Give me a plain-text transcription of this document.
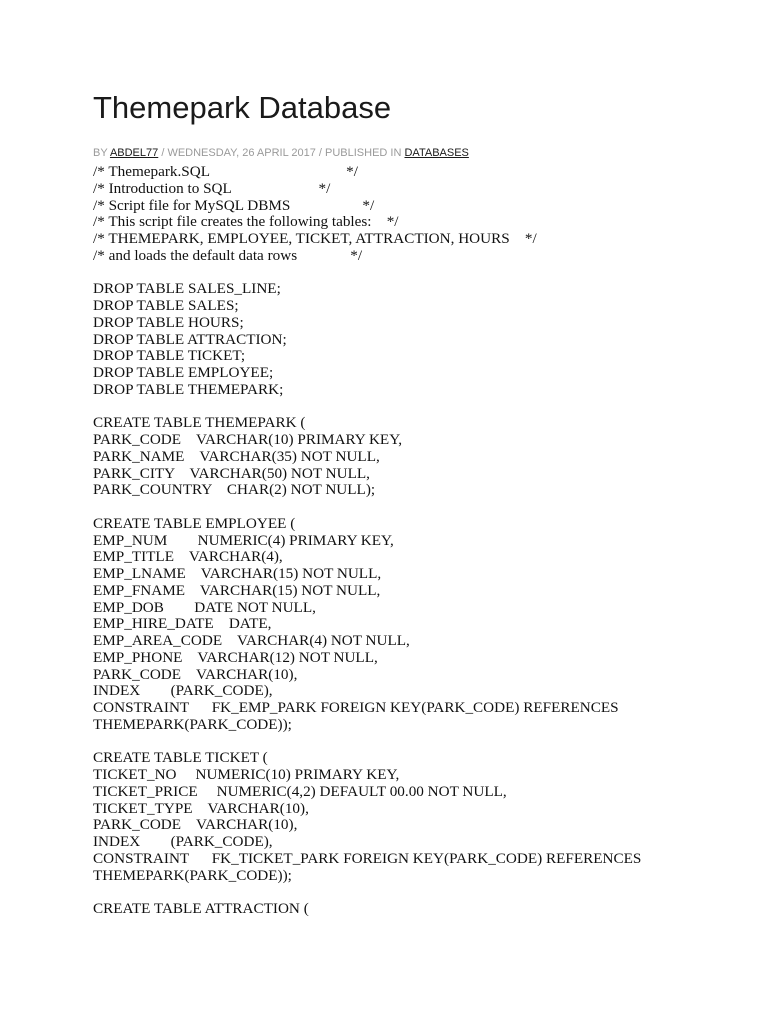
Themepark Database
BY ABDEL77 / WEDNESDAY, 26 APRIL 2017 / PUBLISHED IN DATABASES
/* Themepark.SQL                                    */
/* Introduction to SQL                       */
/* Script file for MySQL DBMS                   */
/* This script file creates the following tables:    */
/* THEMEPARK, EMPLOYEE, TICKET, ATTRACTION, HOURS    */
/* and loads the default data rows              */
DROP TABLE SALES_LINE;
DROP TABLE SALES;
DROP TABLE HOURS;
DROP TABLE ATTRACTION;
DROP TABLE TICKET;
DROP TABLE EMPLOYEE;
DROP TABLE THEMEPARK;
CREATE TABLE THEMEPARK (
PARK_CODE    VARCHAR(10) PRIMARY KEY,
PARK_NAME    VARCHAR(35) NOT NULL,
PARK_CITY    VARCHAR(50) NOT NULL,
PARK_COUNTRY    CHAR(2) NOT NULL);
CREATE TABLE EMPLOYEE (
EMP_NUM        NUMERIC(4) PRIMARY KEY,
EMP_TITLE    VARCHAR(4),
EMP_LNAME    VARCHAR(15) NOT NULL,
EMP_FNAME    VARCHAR(15) NOT NULL,
EMP_DOB        DATE NOT NULL,
EMP_HIRE_DATE    DATE,
EMP_AREA_CODE    VARCHAR(4) NOT NULL,
EMP_PHONE    VARCHAR(12) NOT NULL,
PARK_CODE    VARCHAR(10),
INDEX        (PARK_CODE),
CONSTRAINT      FK_EMP_PARK FOREIGN KEY(PARK_CODE) REFERENCES
THEMEPARK(PARK_CODE));
CREATE TABLE TICKET (
TICKET_NO     NUMERIC(10) PRIMARY KEY,
TICKET_PRICE     NUMERIC(4,2) DEFAULT 00.00 NOT NULL,
TICKET_TYPE    VARCHAR(10),
PARK_CODE    VARCHAR(10),
INDEX        (PARK_CODE),
CONSTRAINT      FK_TICKET_PARK FOREIGN KEY(PARK_CODE) REFERENCES
THEMEPARK(PARK_CODE));
CREATE TABLE ATTRACTION (
